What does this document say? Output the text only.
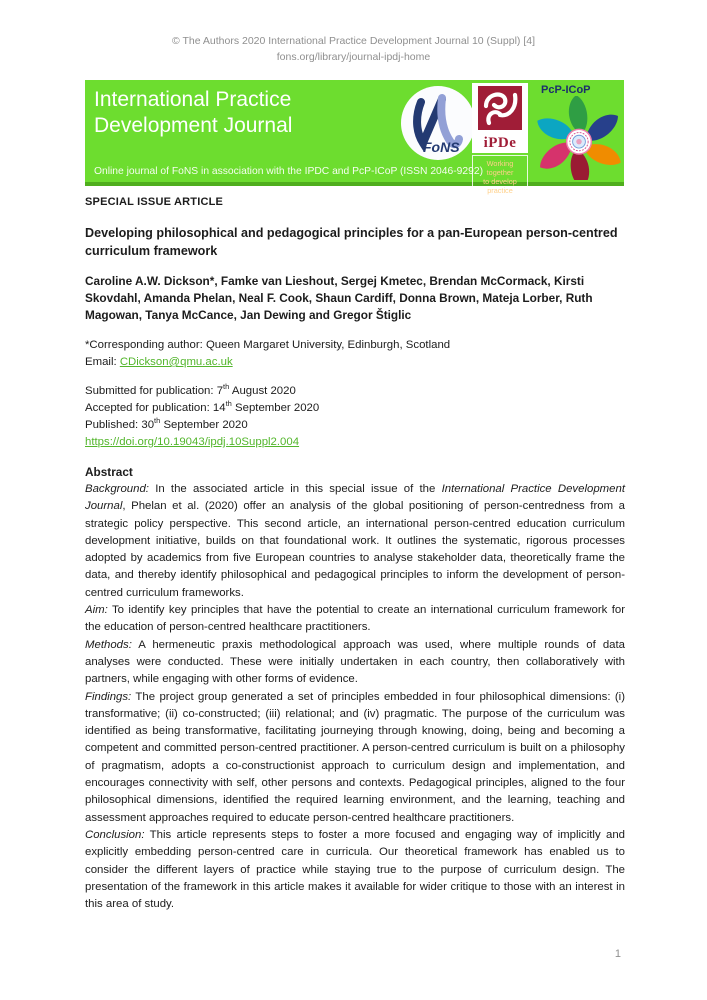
© The Authors 2020 International Practice Development Journal 10 (Suppl) [4]
fons.org/library/journal-ipdj-home
International Practice
Development Journal
Online journal of FoNS in association with the IPDC and PcP-ICoP (ISSN 2046-9292)
FoNS	iPDe
Working together
to develop practice
PcP-ICoP
SPECIAL ISSUE ARTICLE
Developing philosophical and pedagogical principles for a pan-European person-centred curriculum framework
Caroline A.W. Dickson*, Famke van Lieshout, Sergej Kmetec, Brendan McCormack, Kirsti Skovdahl, Amanda Phelan, Neal F. Cook, Shaun Cardiff, Donna Brown, Mateja Lorber, Ruth Magowan, Tanya McCance, Jan Dewing and Gregor Štiglic

*Corresponding author: Queen Margaret University, Edinburgh, Scotland

Email: CDickson@qmu.ac.uk

Submitted for publication: 7th August 2020

Accepted for publication: 14th September 2020

Published: 30th September 2020

https://doi.org/10.19043/ipdj.10Suppl2.004

Abstract

Background: In the associated article in this special issue of the International Practice Development Journal, Phelan et al. (2020) offer an analysis of the global positioning of person-centredness from a strategic policy perspective. This second article, an international person-centred education curriculum development initiative, builds on that foundational work. It outlines the systematic, rigorous processes adopted by academics from five European countries to analyse stakeholder data, theoretically frame the data, and thereby identify philosophical and pedagogical principles to inform the development of person-centred curriculum frameworks.

Aim: To identify key principles that have the potential to create an international curriculum framework for the education of person-centred healthcare practitioners.

Methods: A hermeneutic praxis methodological approach was used, where multiple rounds of data analyses were conducted. These were initially undertaken in each country, then collaboratively with partners, while engaging with other forms of evidence.

Findings: The project group generated a set of principles embedded in four philosophical dimensions: (i) transformative; (ii) co-constructed; (iii) relational; and (iv) pragmatic. The purpose of the curriculum was identified as being transformative, facilitating journeying through knowing, doing, being and becoming a competent and committed person-centred practitioner. A person-centred curriculum is built on a philosophy of pragmatism, adopts a co-constructionist approach to curriculum design and implementation, and encourages connectivity with self, other persons and contexts. Pedagogical principles, aligned to the four philosophical dimensions, identified the required learning environment, and the learning, teaching and assessment approaches required to educate person-centred healthcare practitioners.

Conclusion: This article represents steps to foster a more focused and engaging way of implicitly and explicitly embedding person-centred care in curricula. Our theoretical framework has enabled us to consider the different layers of practice while staying true to the purpose of curriculum design. The presentation of the framework in this article makes it available for wider critique to those with an interest in this area of study.

1
